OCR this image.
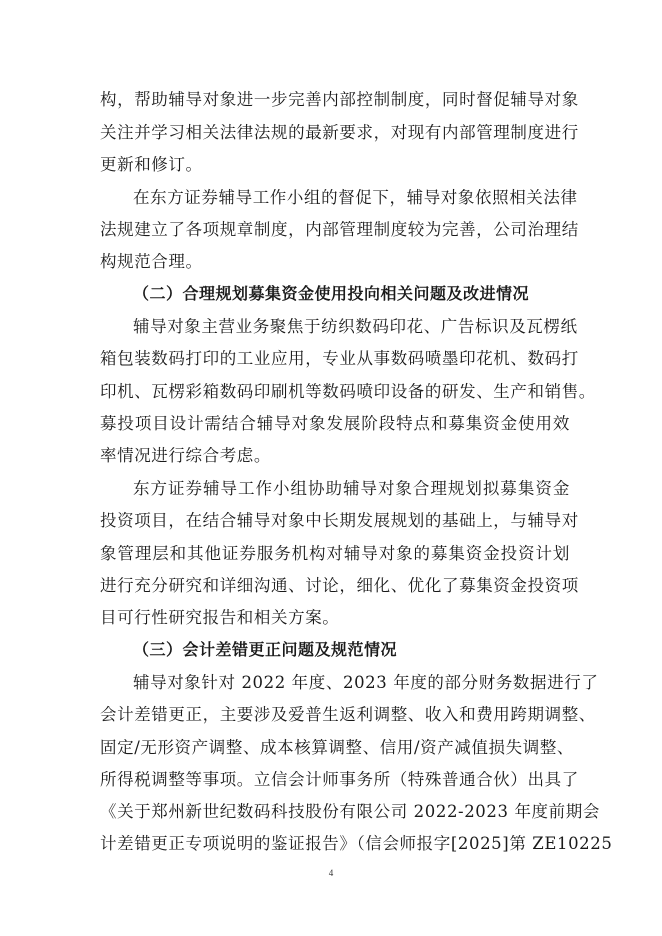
构，帮助辅导对象进一步完善内部控制制度，同时督促辅导对象
关注并学习相关法律法规的最新要求，对现有内部管理制度进行
更新和修订。
在东方证券辅导工作小组的督促下，辅导对象依照相关法律
法规建立了各项规章制度，内部管理制度较为完善，公司治理结
构规范合理。
（二）合理规划募集资金使用投向相关问题及改进情况
辅导对象主营业务聚焦于纺织数码印花、广告标识及瓦楞纸
箱包装数码打印的工业应用，专业从事数码喷墨印花机、数码打
印机、瓦楞彩箱数码印刷机等数码喷印设备的研发、生产和销售。
募投项目设计需结合辅导对象发展阶段特点和募集资金使用效
率情况进行综合考虑。
东方证券辅导工作小组协助辅导对象合理规划拟募集资金
投资项目，在结合辅导对象中长期发展规划的基础上，与辅导对
象管理层和其他证券服务机构对辅导对象的募集资金投资计划
进行充分研究和详细沟通、讨论，细化、优化了募集资金投资项
目可行性研究报告和相关方案。
（三）会计差错更正问题及规范情况
辅导对象针对 2022 年度、2023 年度的部分财务数据进行了
会计差错更正，主要涉及爱普生返利调整、收入和费用跨期调整、
固定/无形资产调整、成本核算调整、信用/资产减值损失调整、
所得税调整等事项。立信会计师事务所（特殊普通合伙）出具了
《关于郑州新世纪数码科技股份有限公司 2022-2023 年度前期会
计差错更正专项说明的鉴证报告》（信会师报字[2025]第 ZE10225
4
